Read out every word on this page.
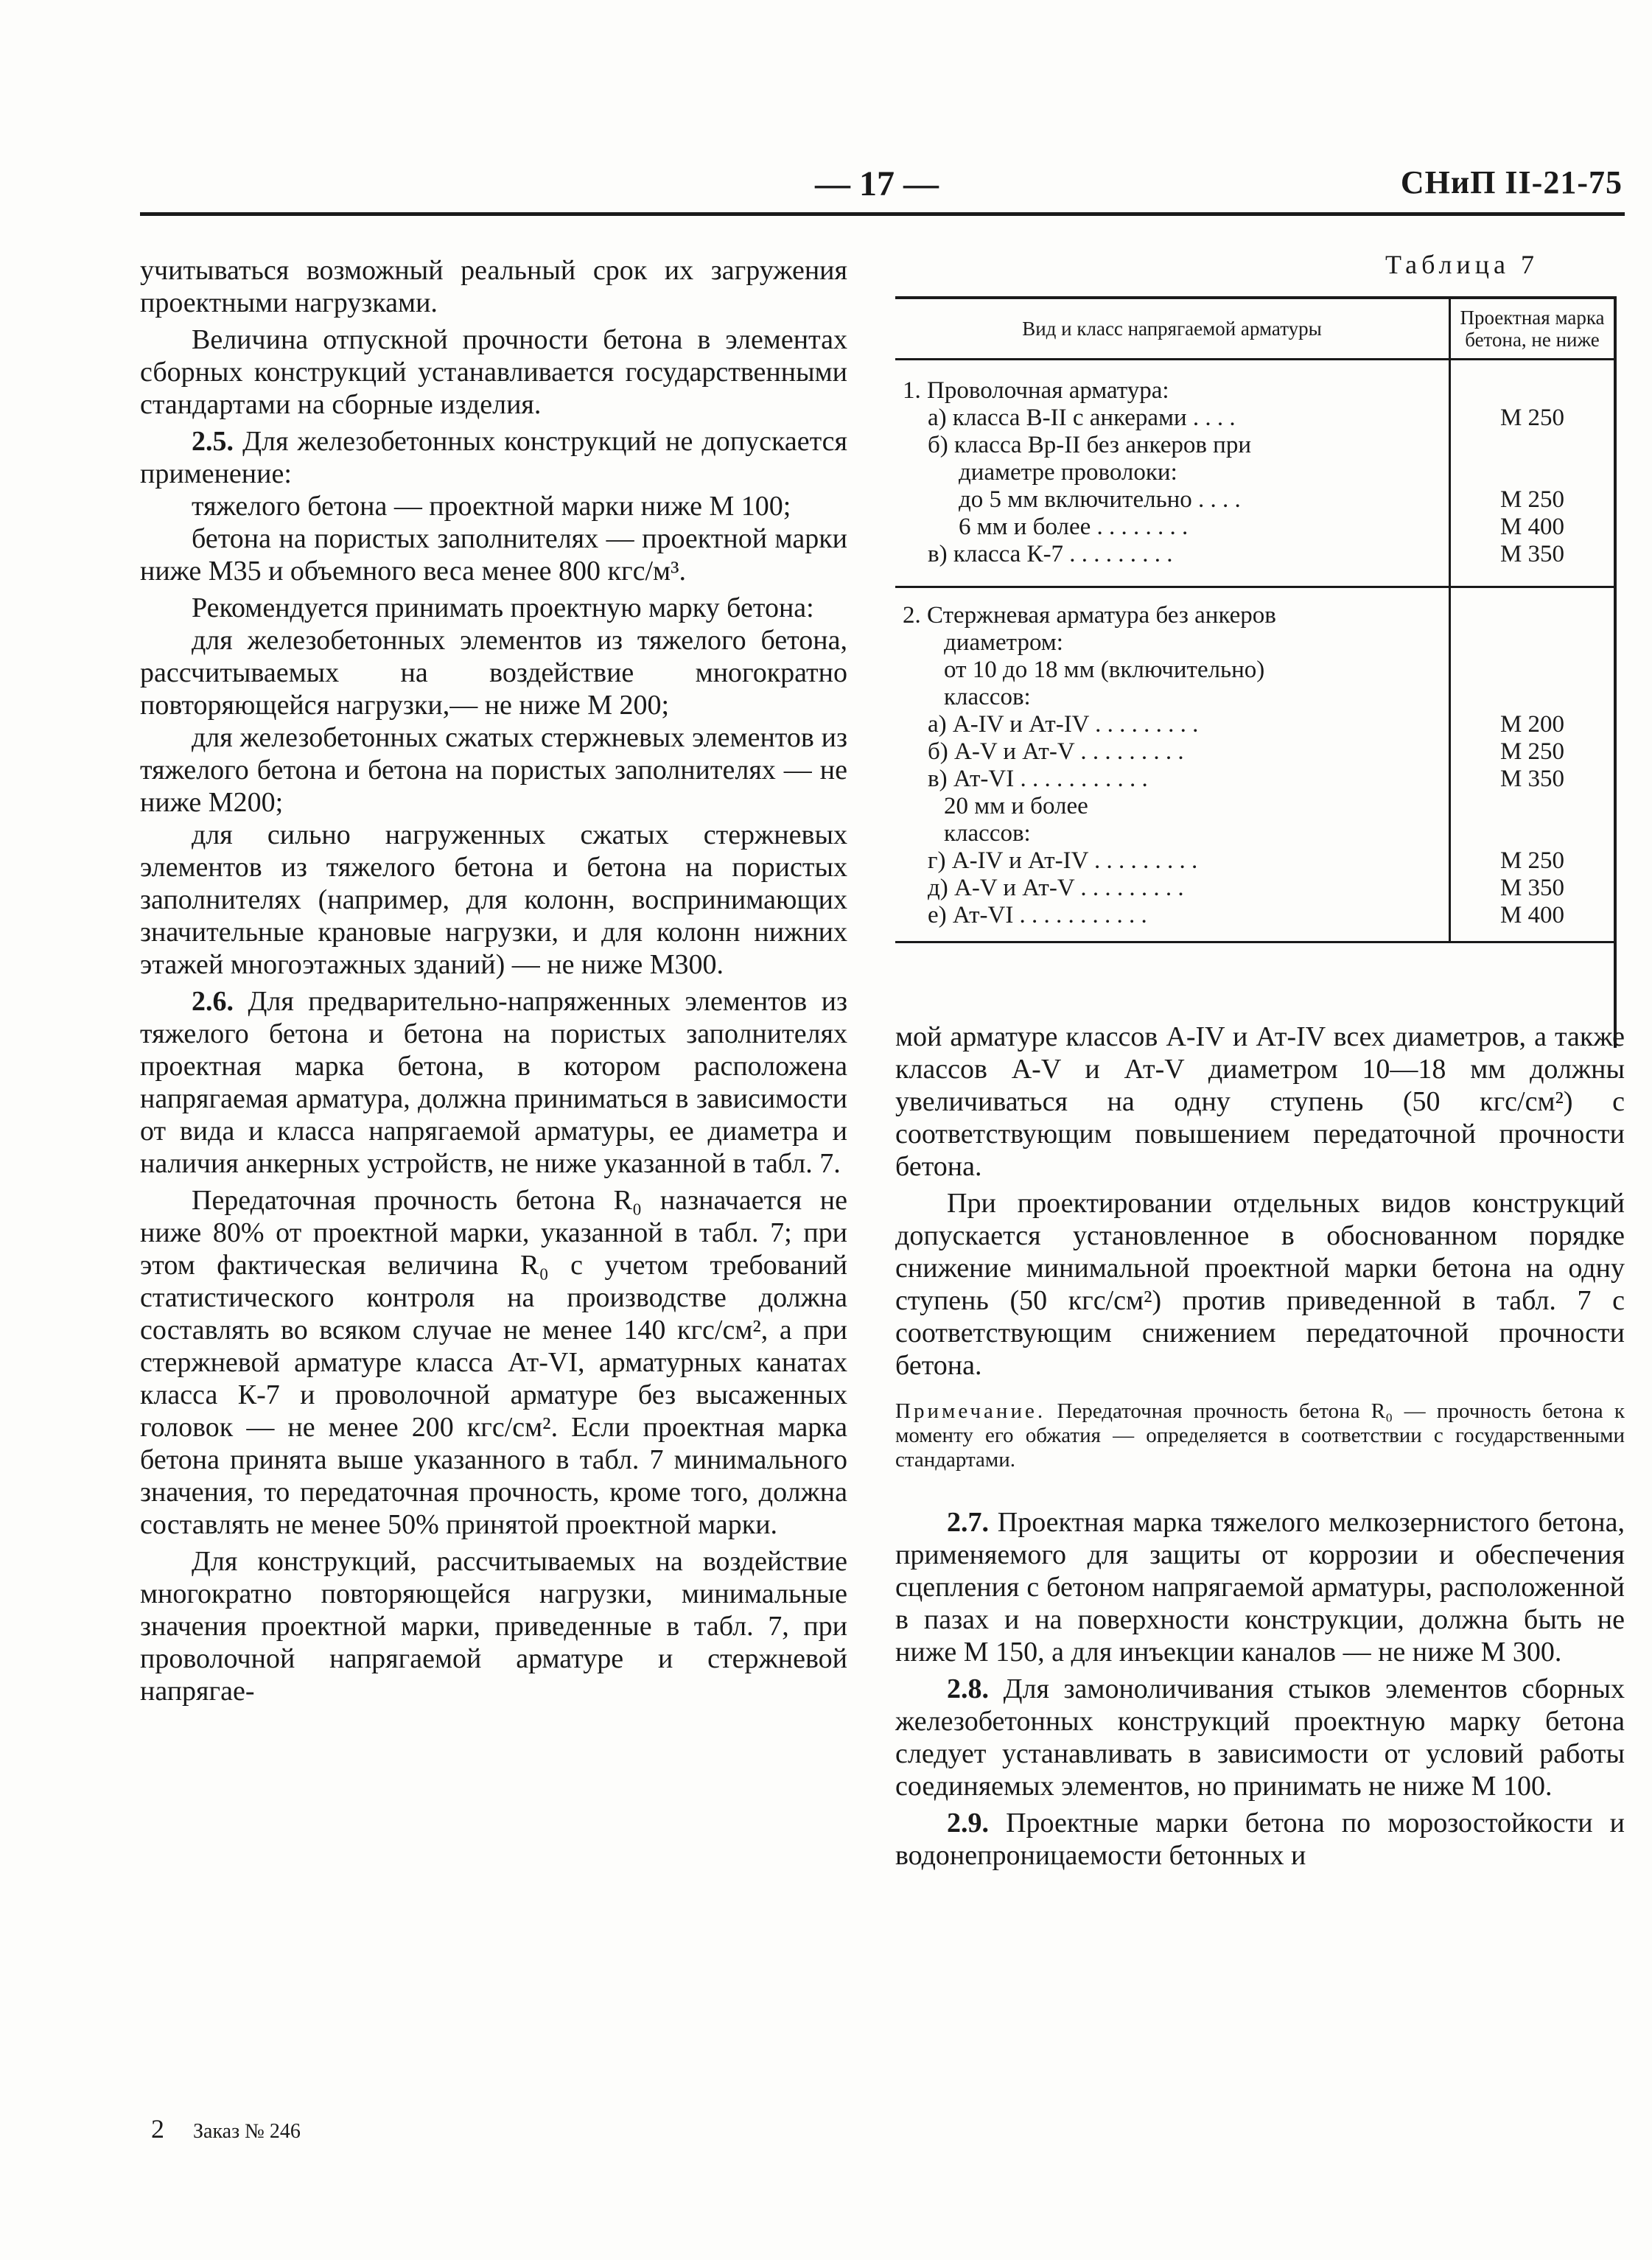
— 17 —	СНиП II-21-75

учитываться возможный реальный срок их загружения проектными нагрузками.

Величина отпускной прочности бетона в элементах сборных конструкций устанавливается государственными стандартами на сборные изделия.

2.5. Для железобетонных конструкций не допускается применение:

тяжелого бетона — проектной марки ниже М 100;

бетона на пористых заполнителях — проектной марки ниже М35 и объемного веса менее 800 кгс/м³.

Рекомендуется принимать проектную марку бетона:

для железобетонных элементов из тяжелого бетона, рассчитываемых на воздействие многократно повторяющейся нагрузки,— не ниже М 200;

для железобетонных сжатых стержневых элементов из тяжелого бетона и бетона на пористых заполнителях — не ниже М200;

для сильно нагруженных сжатых стержневых элементов из тяжелого бетона и бетона на пористых заполнителях (например, для колонн, воспринимающих значительные крановые нагрузки, и для колонн нижних этажей многоэтажных зданий) — не ниже М300.

2.6. Для предварительно-напряженных элементов из тяжелого бетона и бетона на пористых заполнителях проектная марка бетона, в котором расположена напрягаемая арматура, должна приниматься в зависимости от вида и класса напрягаемой арматуры, ее диаметра и наличия анкерных устройств, не ниже указанной в табл. 7.

Передаточная прочность бетона R₀ назначается не ниже 80% от проектной марки, указанной в табл. 7; при этом фактическая величина R₀ с учетом требований статистического контроля на производстве должна составлять во всяком случае не менее 140 кгс/см², а при стержневой арматуре класса Ат-VI, арматурных канатах класса К-7 и проволочной арматуре без высаженных головок — не менее 200 кгс/см². Если проектная марка бетона принята выше указанного в табл. 7 минимального значения, то передаточная прочность, кроме того, должна составлять не менее 50% принятой проектной марки.

Для конструкций, рассчитываемых на воздействие многократно повторяющейся нагрузки, минимальные значения проектной марки, приведенные в табл. 7, при проволочной напрягаемой арматуре и стержневой напрягае-

Таблица 7
Вид и класс напрягаемой арматуры	Проектная марка бетона, не ниже

1. Проволочная арматура:	
а) класса B-II с анкерами . . . .	M 250
б) класса Bp-II без анкеров при	
диаметре проволоки:	
до 5 мм включительно . . . .	M 250
6 мм и более . . . . . . . .	M 400
в) класса К-7 . . . . . . . . .	M 350

2. Стержневая арматура без анкеров	
диаметром:	
от 10 до 18 мм (включительно)	
классов:	
а) A-IV и Ат-IV . . . . . . . . .	M 200
б) A-V и Ат-V . . . . . . . . .	M 250
в) Ат-VI . . . . . . . . . . .	M 350
20 мм и более	
классов:	
г) A-IV и Ат-IV . . . . . . . . .	M 250
д) A-V и Ат-V . . . . . . . . .	M 350
е) Ат-VI . . . . . . . . . . .	M 400

мой арматуре классов A-IV и Ат-IV всех диаметров, а также классов A-V и Ат-V диаметром 10—18 мм должны увеличиваться на одну ступень (50 кгс/см²) с соответствующим повышением передаточной прочности бетона.

При проектировании отдельных видов конструкций допускается установленное в обоснованном порядке снижение минимальной проектной марки бетона на одну ступень (50 кгс/см²) против приведенной в табл. 7 с соответствующим снижением передаточной прочности бетона.

Примечание. Передаточная прочность бетона R₀ — прочность бетона к моменту его обжатия — определяется в соответствии с государственными стандартами.

2.7. Проектная марка тяжелого мелкозернистого бетона, применяемого для защиты от коррозии и обеспечения сцепления с бетоном напрягаемой арматуры, расположенной в пазах и на поверхности конструкции, должна быть не ниже М 150, а для инъекции каналов — не ниже М 300.

2.8. Для замоноличивания стыков элементов сборных железобетонных конструкций проектную марку бетона следует устанавливать в зависимости от условий работы соединяемых элементов, но принимать не ниже М 100.

2.9. Проектные марки бетона по морозостойкости и водонепроницаемости бетонных и

2 Заказ № 246
